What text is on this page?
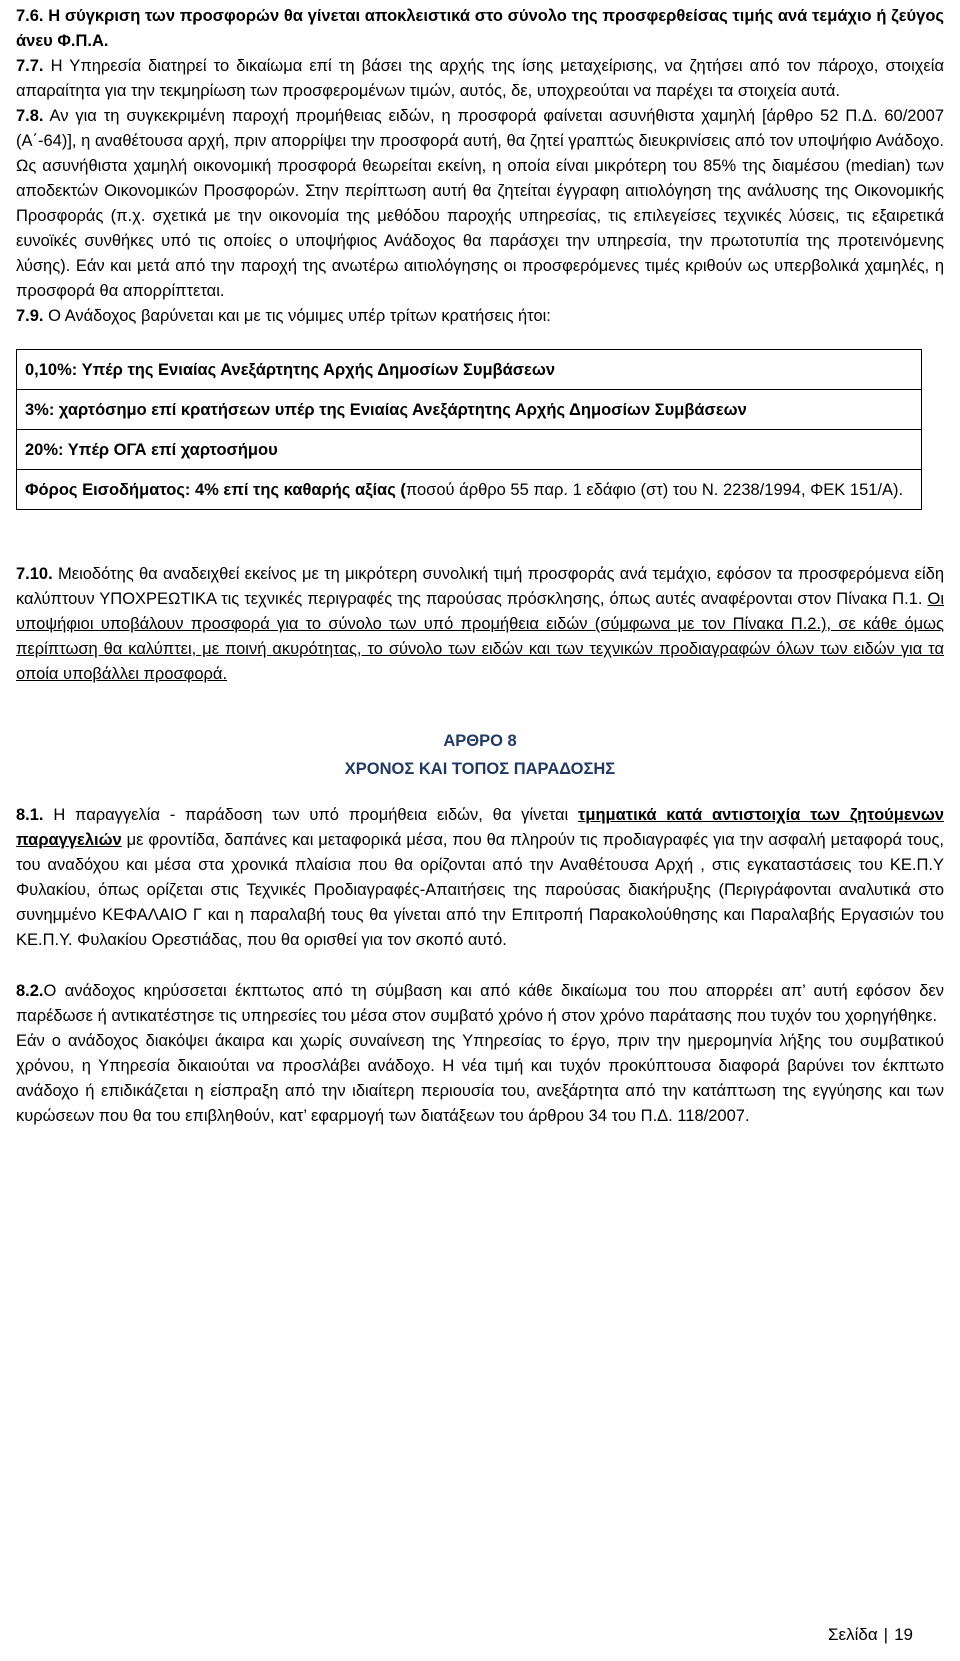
7.6. Η σύγκριση των προσφορών θα γίνεται αποκλειστικά στο σύνολο της προσφερθείσας τιμής ανά τεμάχιο ή ζεύγος άνευ Φ.Π.Α.

7.7. Η Υπηρεσία διατηρεί το δικαίωμα επί τη βάσει της αρχής της ίσης μεταχείρισης, να ζητήσει από τον πάροχο, στοιχεία απαραίτητα για την τεκμηρίωση των προσφερομένων τιμών, αυτός, δε, υποχρεούται να παρέχει τα στοιχεία αυτά.

7.8. Αν για τη συγκεκριμένη παροχή προμήθειας ειδών, η προσφορά φαίνεται ασυνήθιστα χαμηλή [άρθρο 52 Π.Δ. 60/2007 (Α΄-64)], η αναθέτουσα αρχή, πριν απορρίψει την προσφορά αυτή, θα ζητεί γραπτώς διευκρινίσεις από τον υποψήφιο Ανάδοχο. Ως ασυνήθιστα χαμηλή οικονομική προσφορά θεωρείται εκείνη, η οποία είναι μικρότερη του 85% της διαμέσου (median) των αποδεκτών Οικονομικών Προσφορών. Στην περίπτωση αυτή θα ζητείται έγγραφη αιτιολόγηση της ανάλυσης της Οικονομικής Προσφοράς (π.χ. σχετικά με την οικονομία της μεθόδου παροχής υπηρεσίας, τις επιλεγείσες τεχνικές λύσεις, τις εξαιρετικά ευνοϊκές συνθήκες υπό τις οποίες ο υποψήφιος Ανάδοχος θα παράσχει την υπηρεσία, την πρωτοτυπία της προτεινόμενης λύσης). Εάν και μετά από την παροχή της ανωτέρω αιτιολόγησης οι προσφερόμενες τιμές κριθούν ως υπερβολικά χαμηλές, η προσφορά θα απορρίπτεται.

7.9. Ο Ανάδοχος βαρύνεται και με τις νόμιμες υπέρ τρίτων κρατήσεις ήτοι:

0,10%: Υπέρ της Ενιαίας Ανεξάρτητης Αρχής Δημοσίων Συμβάσεων
3%: χαρτόσημο επί κρατήσεων υπέρ της Ενιαίας Ανεξάρτητης Αρχής Δημοσίων Συμβάσεων
20%: Υπέρ ΟΓΑ επί χαρτοσήμου
Φόρος Εισοδήματος: 4% επί της καθαρής αξίας (ποσού άρθρο 55 παρ. 1 εδάφιο (στ) του Ν. 2238/1994, ΦΕΚ 151/Α).

7.10. Μειοδότης θα αναδειχθεί εκείνος με τη μικρότερη συνολική τιμή προσφοράς ανά τεμάχιο, εφόσον τα προσφερόμενα είδη καλύπτουν ΥΠΟΧΡΕΩΤΙΚΑ τις τεχνικές περιγραφές της παρούσας πρόσκλησης, όπως αυτές αναφέρονται στον Πίνακα Π.1. Οι υποψήφιοι υποβάλουν προσφορά για το σύνολο των υπό προμήθεια ειδών (σύμφωνα με τον Πίνακα Π.2.), σε κάθε όμως περίπτωση θα καλύπτει, με ποινή ακυρότητας, το σύνολο των ειδών και των τεχνικών προδιαγραφών όλων των ειδών για τα οποία υποβάλλει προσφορά.

ΑΡΘΡΟ 8
ΧΡΟΝΟΣ ΚΑΙ ΤΟΠΟΣ ΠΑΡΑΔΟΣΗΣ

8.1. Η παραγγελία - παράδοση των υπό προμήθεια ειδών, θα γίνεται τμηματικά κατά αντιστοιχία των ζητούμενων παραγγελιών με φροντίδα, δαπάνες και μεταφορικά μέσα, που θα πληρούν τις προδιαγραφές για την ασφαλή μεταφορά τους, του αναδόχου και μέσα στα χρονικά πλαίσια που θα ορίζονται από την Αναθέτουσα Αρχή , στις εγκαταστάσεις του ΚΕ.Π.Υ Φυλακίου, όπως ορίζεται στις Τεχνικές Προδιαγραφές-Απαιτήσεις της παρούσας διακήρυξης (Περιγράφονται αναλυτικά στο συνημμένο ΚΕΦΑΛΑΙΟ Γ και η παραλαβή τους θα γίνεται από την Επιτροπή Παρακολούθησης και Παραλαβής Εργασιών του ΚΕ.Π.Υ. Φυλακίου Ορεστιάδας, που θα ορισθεί για τον σκοπό αυτό.

8.2.Ο ανάδοχος κηρύσσεται έκπτωτος από τη σύμβαση και από κάθε δικαίωμα του που απορρέει απ’ αυτή εφόσον δεν παρέδωσε ή αντικατέστησε τις υπηρεσίες του μέσα στον συμβατό χρόνο ή στον χρόνο παράτασης που τυχόν του χορηγήθηκε.

Εάν ο ανάδοχος διακόψει άκαιρα και χωρίς συναίνεση της Υπηρεσίας το έργο, πριν την ημερομηνία λήξης του συμβατικού χρόνου, η Υπηρεσία δικαιούται να προσλάβει ανάδοχο. Η νέα τιμή και τυχόν προκύπτουσα διαφορά βαρύνει τον έκπτωτο ανάδοχο ή επιδικάζεται η είσπραξη από την ιδιαίτερη περιουσία του, ανεξάρτητα από την κατάπτωση της εγγύησης και των κυρώσεων που θα του επιβληθούν, κατ’ εφαρμογή των διατάξεων του άρθρου 34 του Π.Δ. 118/2007.

Σελίδα | 19
